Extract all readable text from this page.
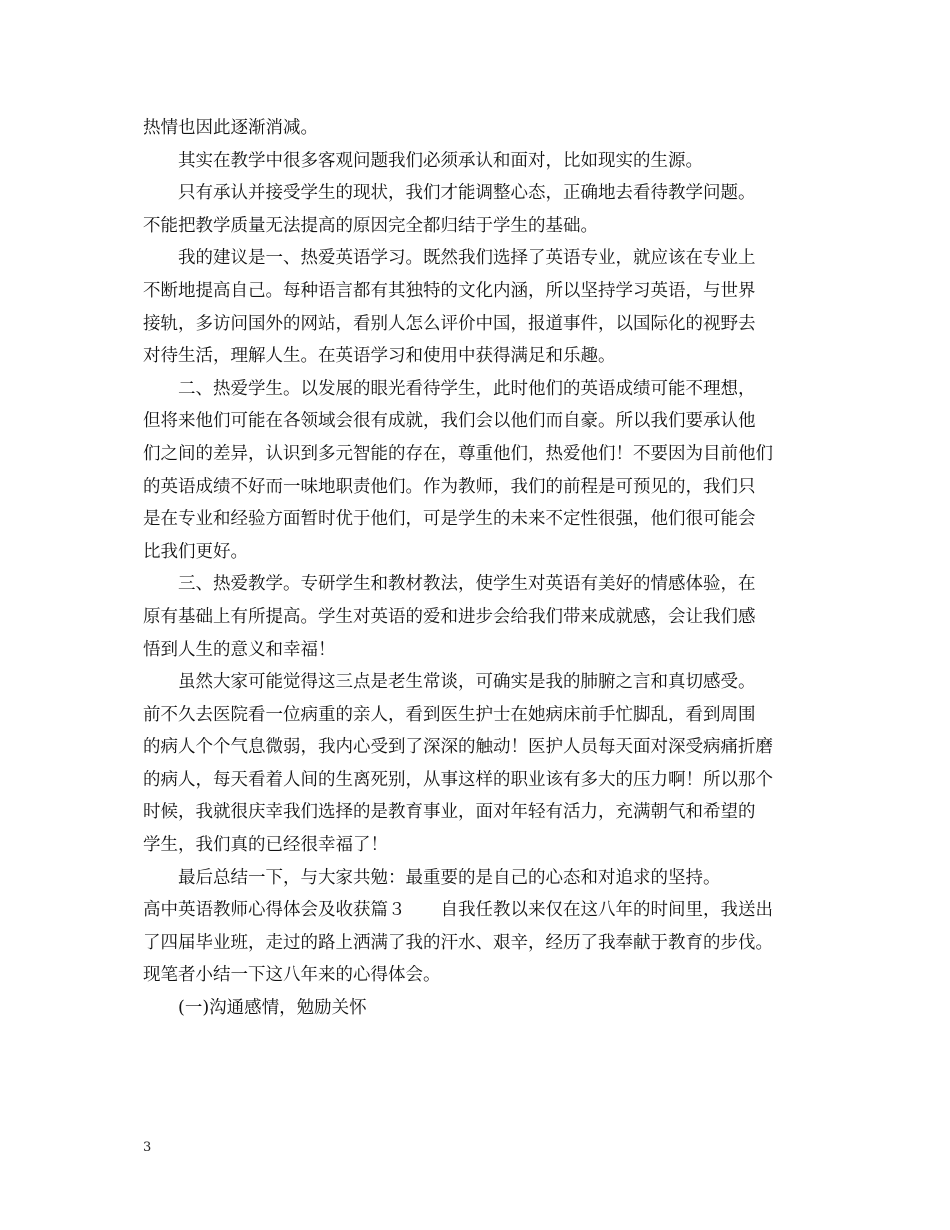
热情也因此逐渐消减。
其实在教学中很多客观问题我们必须承认和面对，比如现实的生源。
只有承认并接受学生的现状，我们才能调整心态，正确地去看待教学问题。
不能把教学质量无法提高的原因完全都归结于学生的基础。
我的建议是一、热爱英语学习。既然我们选择了英语专业，就应该在专业上
不断地提高自己。每种语言都有其独特的文化内涵，所以坚持学习英语，与世界
接轨，多访问国外的网站，看别人怎么评价中国，报道事件，以国际化的视野去
对待生活，理解人生。在英语学习和使用中获得满足和乐趣。
二、热爱学生。以发展的眼光看待学生，此时他们的英语成绩可能不理想，
但将来他们可能在各领域会很有成就，我们会以他们而自豪。所以我们要承认他
们之间的差异，认识到多元智能的存在，尊重他们，热爱他们！不要因为目前他们
的英语成绩不好而一味地职责他们。作为教师，我们的前程是可预见的，我们只
是在专业和经验方面暂时优于他们，可是学生的未来不定性很强，他们很可能会
比我们更好。
三、热爱教学。专研学生和教材教法，使学生对英语有美好的情感体验，在
原有基础上有所提高。学生对英语的爱和进步会给我们带来成就感，会让我们感
悟到人生的意义和幸福！
虽然大家可能觉得这三点是老生常谈，可确实是我的肺腑之言和真切感受。
前不久去医院看一位病重的亲人，看到医生护士在她病床前手忙脚乱，看到周围
的病人个个气息微弱，我内心受到了深深的触动！医护人员每天面对深受病痛折磨
的病人，每天看着人间的生离死别，从事这样的职业该有多大的压力啊！所以那个
时候，我就很庆幸我们选择的是教育事业，面对年轻有活力，充满朝气和希望的
学生，我们真的已经很幸福了！
最后总结一下，与大家共勉：最重要的是自己的心态和对追求的坚持。
高中英语教师心得体会及收获篇３　　自我任教以来仅在这八年的时间里，我送出
了四届毕业班，走过的路上洒满了我的汗水、艰辛，经历了我奉献于教育的步伐。
现笔者小结一下这八年来的心得体会。
(一)沟通感情，勉励关怀
3
